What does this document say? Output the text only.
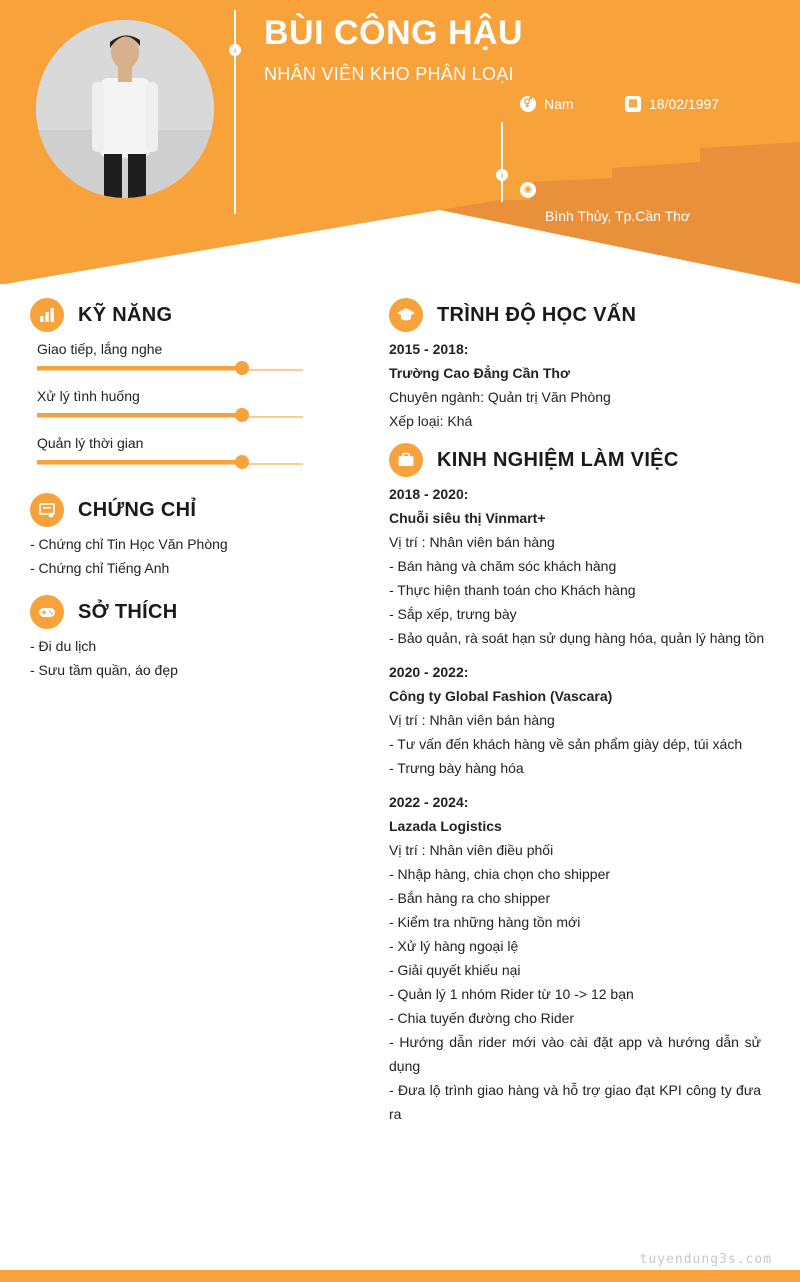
›
›
BÙI CÔNG HẬU
NHÂN VIÊN KHO PHÂN LOẠI
⚥ Nam	▦ 18/02/1997
◉
Bình Thủy, Tp.Cần Thơ
KỸ NĂNG
Giao tiếp, lắng nghe
Xử lý tình huống
Quản lý thời gian
CHỨNG CHỈ
- Chứng chỉ Tin Học Văn Phòng
- Chứng chỉ Tiếng Anh
SỞ THÍCH
- Đi du lịch
- Sưu tầm quần, áo đẹp
TRÌNH ĐỘ HỌC VẤN
2015 - 2018:
Trường Cao Đẳng Cần Thơ
Chuyên ngành: Quản trị Văn Phòng
Xếp loại: Khá
KINH NGHIỆM LÀM VIỆC
2018 - 2020:
Chuỗi siêu thị Vinmart+
Vị trí : Nhân viên bán hàng
- Bán hàng và chăm sóc khách hàng
- Thực hiện thanh toán cho Khách hàng
- Sắp xếp, trưng bày
- Bảo quản, rà soát hạn sử dụng hàng hóa, quản lý hàng tồn
2020 - 2022:
Công ty Global Fashion (Vascara)
Vị trí : Nhân viên bán hàng
- Tư vấn đến khách hàng về sản phẩm giày dép, túi xách
- Trưng bày hàng hóa
2022 - 2024:
Lazada Logistics
Vị trí : Nhân viên điều phối
- Nhập hàng, chia chọn cho shipper
- Bắn hàng ra cho shipper
- Kiểm tra những hàng tồn mới
- Xử lý hàng ngoại lệ
- Giải quyết khiếu nại
- Quản lý 1 nhóm Rider từ 10 -> 12 bạn
- Chia tuyến đường cho Rider
- Hướng dẫn rider mới vào cài đặt app và hướng dẫn sử dụng
- Đưa lộ trình giao hàng và hỗ trợ giao đạt KPI công ty đưa ra
tuyendung3s.com
